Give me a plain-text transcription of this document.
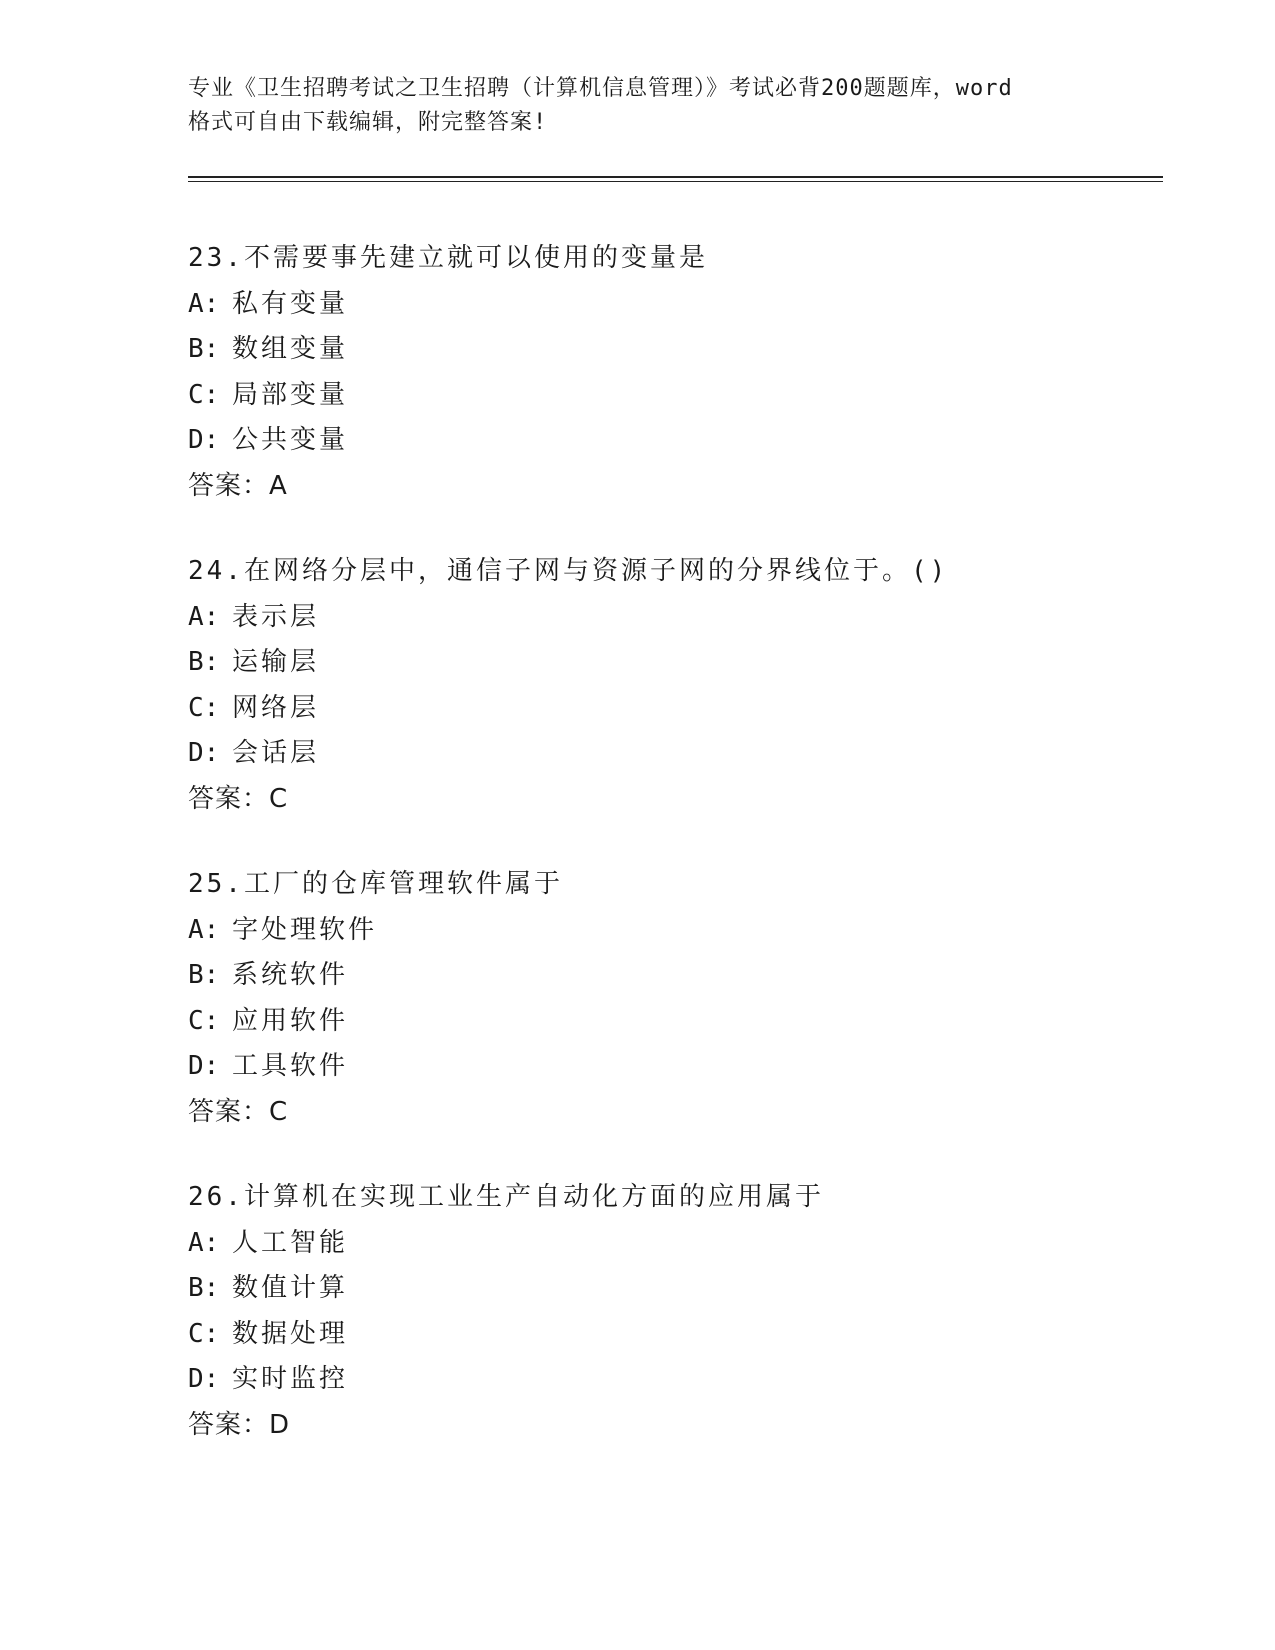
专业《卫生招聘考试之卫生招聘（计算机信息管理）》考试必背200题题库，word
格式可自由下载编辑，附完整答案!
23.不需要事先建立就可以使用的变量是
A: 私有变量
B: 数组变量
C: 局部变量
D: 公共变量
答案：A
24.在网络分层中，通信子网与资源子网的分界线位于。()
A: 表示层
B: 运输层
C: 网络层
D: 会话层
答案：C
25.工厂的仓库管理软件属于
A: 字处理软件
B: 系统软件
C: 应用软件
D: 工具软件
答案：C
26.计算机在实现工业生产自动化方面的应用属于
A: 人工智能
B: 数值计算
C: 数据处理
D: 实时监控
答案：D
